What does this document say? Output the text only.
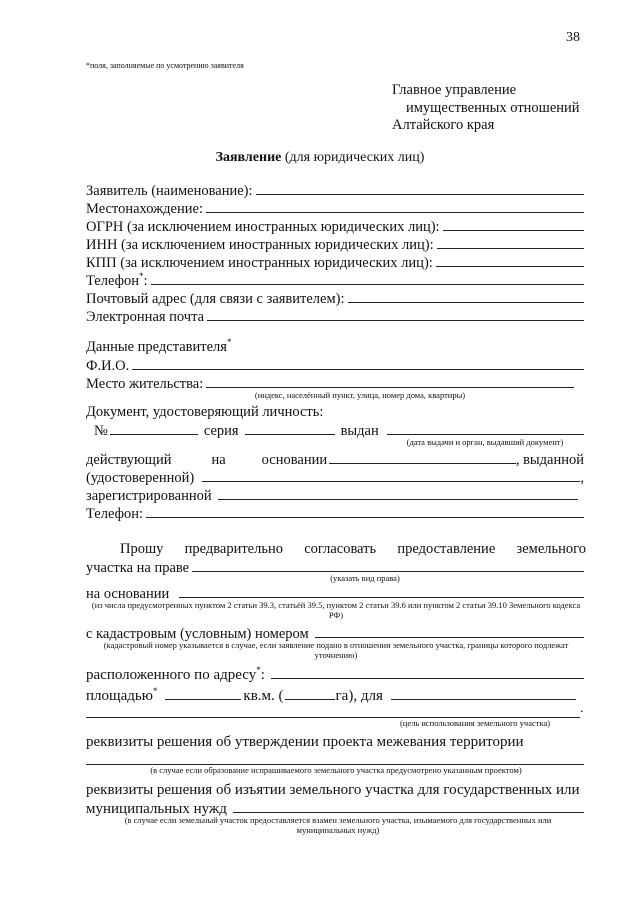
38
*поля, заполняемые по усмотрению заявителя
Главное управление
имущественных отношений
Алтайского края
Заявление (для юридических лиц)
Заявитель (наименование):
Местонахождение:
ОГРН (за исключением иностранных юридических лиц):
ИНН (за исключением иностранных юридических лиц):
КПП (за исключением иностранных юридических лиц):
Телефон*:
Почтовый адрес (для связи с заявителем):
Электронная почта
Данные представителя*
Ф.И.О.
Место жительства:
(индекс, населённый пункт, улица, номер дома, квартиры)
Документ, удостоверяющий личность:
№	серия	выдан
(дата выдачи и орган, выдавший документ)
действующий	на основании	, выданной
(удостоверенной)	,
зарегистрированной
Телефон:
Прошу предварительно согласовать предоставление земельного
участка на праве
(указать вид права)
на основании
(из числа предусмотренных пунктом 2 статьи 39.3, статьёй 39.5, пунктом 2 статьи 39.6 или пунктом 2 статьи 39.10 Земельного кодекса РФ)
с кадастровым (условным) номером
(кадастровый номер указывается в случае, если заявление подано в отношении земельного участка, границы которого подлежат уточнению)
расположенного по адресу*:
площадью*	кв.м. (	га), для
.
(цель использования земельного участка)
реквизиты решения об утверждении проекта межевания территории
(в случае если образование испрашиваемого земельного участка предусмотрено указанным проектом)
реквизиты решения об изъятии земельного участка для государственных или
муниципальных нужд
(в случае если земельный участок предоставляется взамен земельного участка, изымаемого для государственных или муниципальных нужд)
